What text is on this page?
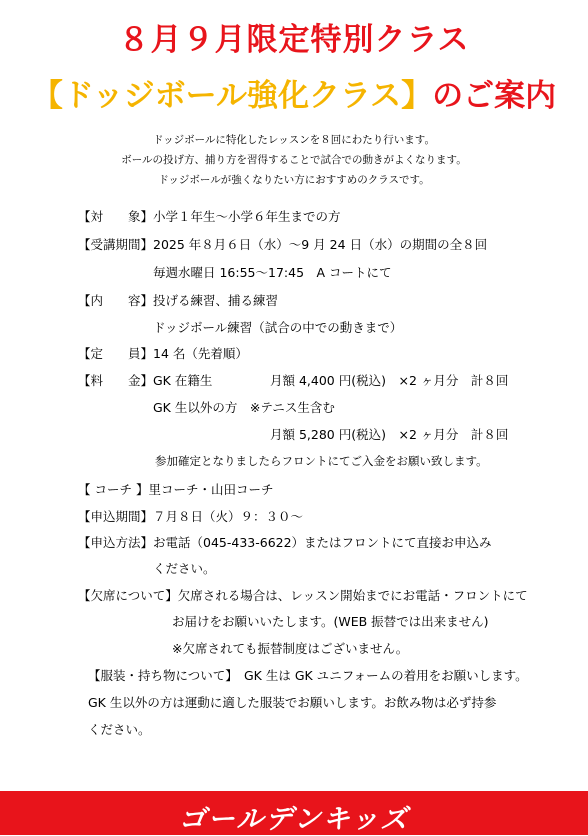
８月９月限定特別クラス
【ドッジボール強化クラス】のご案内
ドッジボールに特化したレッスンを８回にわたり行います。
ボールの投げ方、捕り方を習得することで試合での動きがよくなります。
ドッジボールが強くなりたい方におすすめのクラスです。
【対　　象】小学１年生～小学６年生までの方
【受講期間】2025 年８月６日（水）～9 月 24 日（水）の期間の全８回
毎週水曜日 16:55～17:45　A コートにて
【内　　容】投げる練習、捕る練習
ドッジボール練習（試合の中での動きまで）
【定　　員】14 名（先着順）
【料　　金】GK 在籍生	月額 4,400 円(税込)　×2 ヶ月分　計８回
GK 生以外の方　※テニス生含む
月額 5,280 円(税込)　×2 ヶ月分　計８回
参加確定となりましたらフロントにてご入金をお願い致します。
【 コーチ 】里コーチ・山田コーチ
【申込期間】７月８日（火）９：３０～
【申込方法】お電話（045-433-6622）またはフロントにて直接お申込み
ください。
【欠席について】欠席される場合は、レッスン開始までにお電話・フロントにて
お届けをお願いいたします。(WEB 振替では出来ません)
※欠席されても振替制度はございません。
【服装・持ち物について】　GK 生は GK ユニフォームの着用をお願いします。
GK 生以外の方は運動に適した服装でお願いします。お飲み物は必ず持参
ください。
ゴールデンキッズ
